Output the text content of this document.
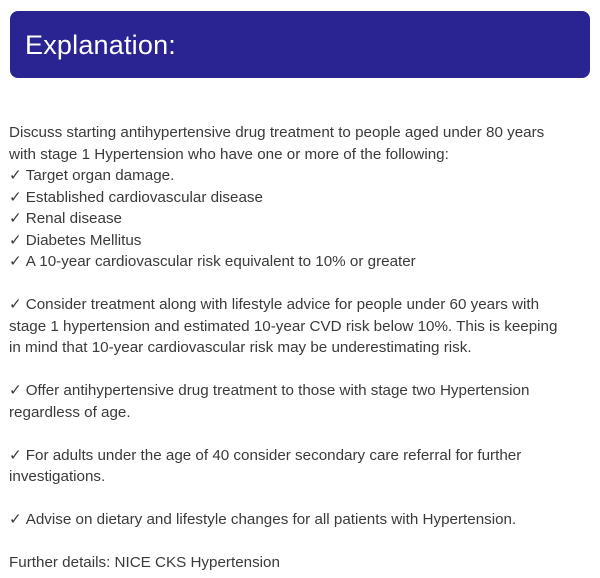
Explanation:
Discuss starting antihypertensive drug treatment to people aged under 80 years
with stage 1 Hypertension who have one or more of the following:
✓ Target organ damage.
✓ Established cardiovascular disease
✓ Renal disease
✓ Diabetes Mellitus
✓ A 10-year cardiovascular risk equivalent to 10% or greater
✓ Consider treatment along with lifestyle advice for people under 60 years with
stage 1 hypertension and estimated 10-year CVD risk below 10%. This is keeping
in mind that 10-year cardiovascular risk may be underestimating risk.
✓ Offer antihypertensive drug treatment to those with stage two Hypertension
regardless of age.
✓ For adults under the age of 40 consider secondary care referral for further
investigations.
✓ Advise on dietary and lifestyle changes for all patients with Hypertension.
Further details: NICE CKS Hypertension
